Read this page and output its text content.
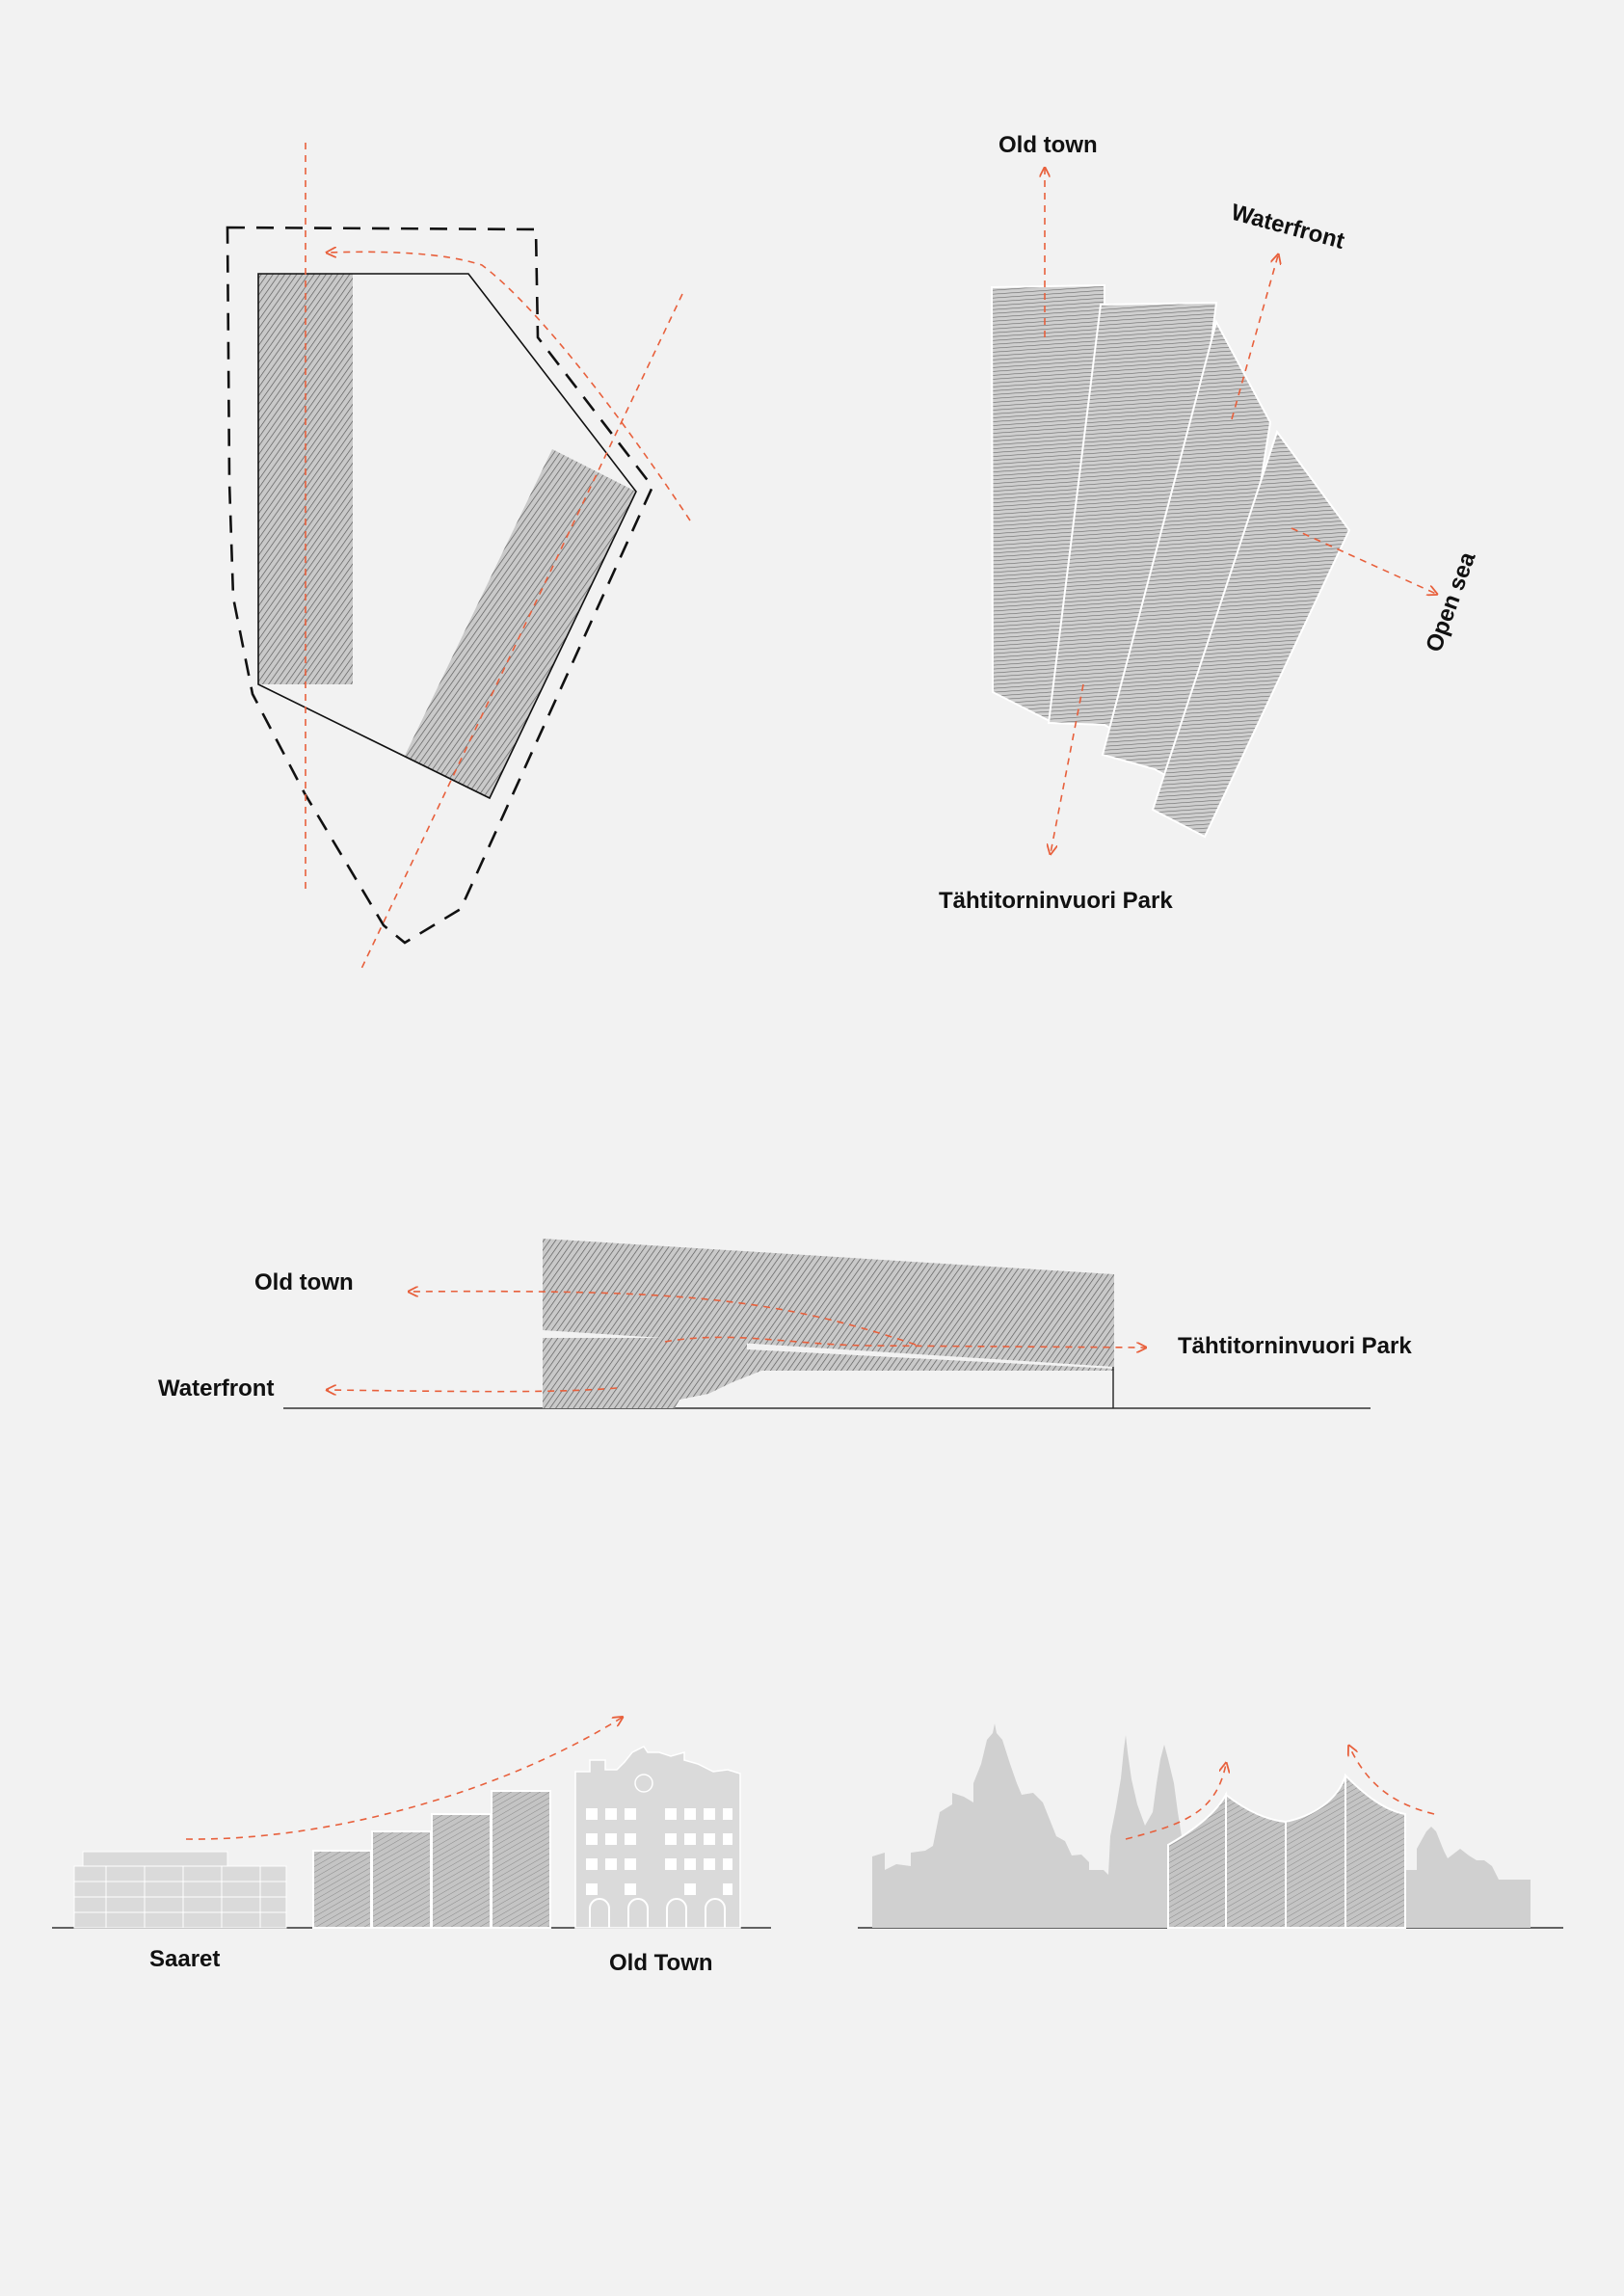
Old town
Waterfront
Open sea
Tähtitorninvuori Park
Old town
Waterfront
Tähtitorninvuori Park
Saaret	Old Town
